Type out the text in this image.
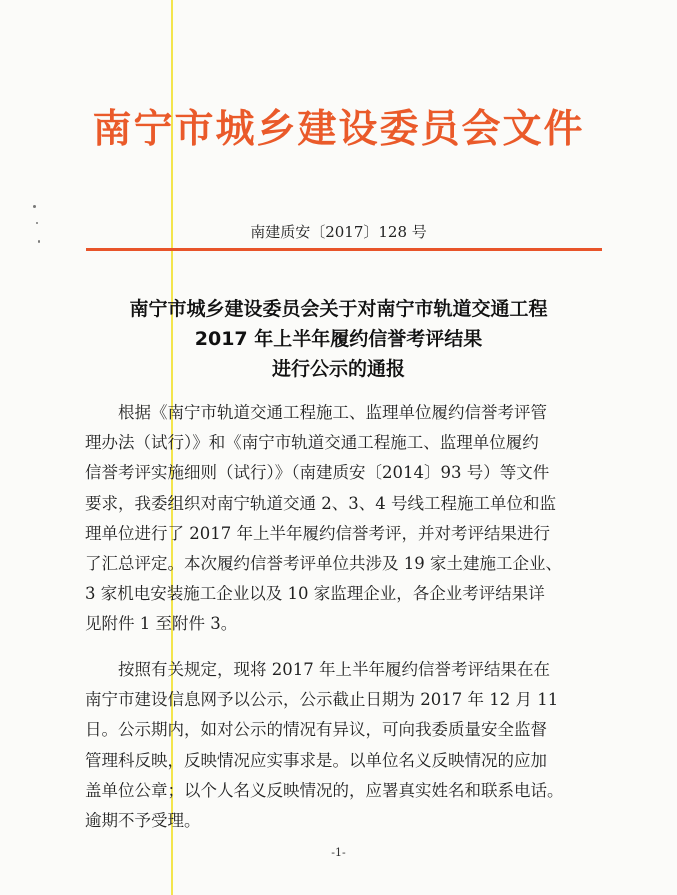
南宁市城乡建设委员会文件
南建质安〔2017〕128 号
南宁市城乡建设委员会关于对南宁市轨道交通工程
2017 年上半年履约信誉考评结果
进行公示的通报
根据《南宁市轨道交通工程施工、监理单位履约信誉考评管
理办法（试行）》和《南宁市轨道交通工程施工、监理单位履约
信誉考评实施细则（试行）》（南建质安〔2014〕93 号）等文件
要求，我委组织对南宁轨道交通 2、3、4 号线工程施工单位和监
理单位进行了 2017 年上半年履约信誉考评，并对考评结果进行
了汇总评定。本次履约信誉考评单位共涉及 19 家土建施工企业、
3 家机电安装施工企业以及 10 家监理企业，各企业考评结果详
见附件 1 至附件 3。
按照有关规定，现将 2017 年上半年履约信誉考评结果在在
南宁市建设信息网予以公示，公示截止日期为 2017 年 12 月 11
日。公示期内，如对公示的情况有异议，可向我委质量安全监督
管理科反映，反映情况应实事求是。以单位名义反映情况的应加
盖单位公章；以个人名义反映情况的，应署真实姓名和联系电话。
逾期不予受理。
-1-
